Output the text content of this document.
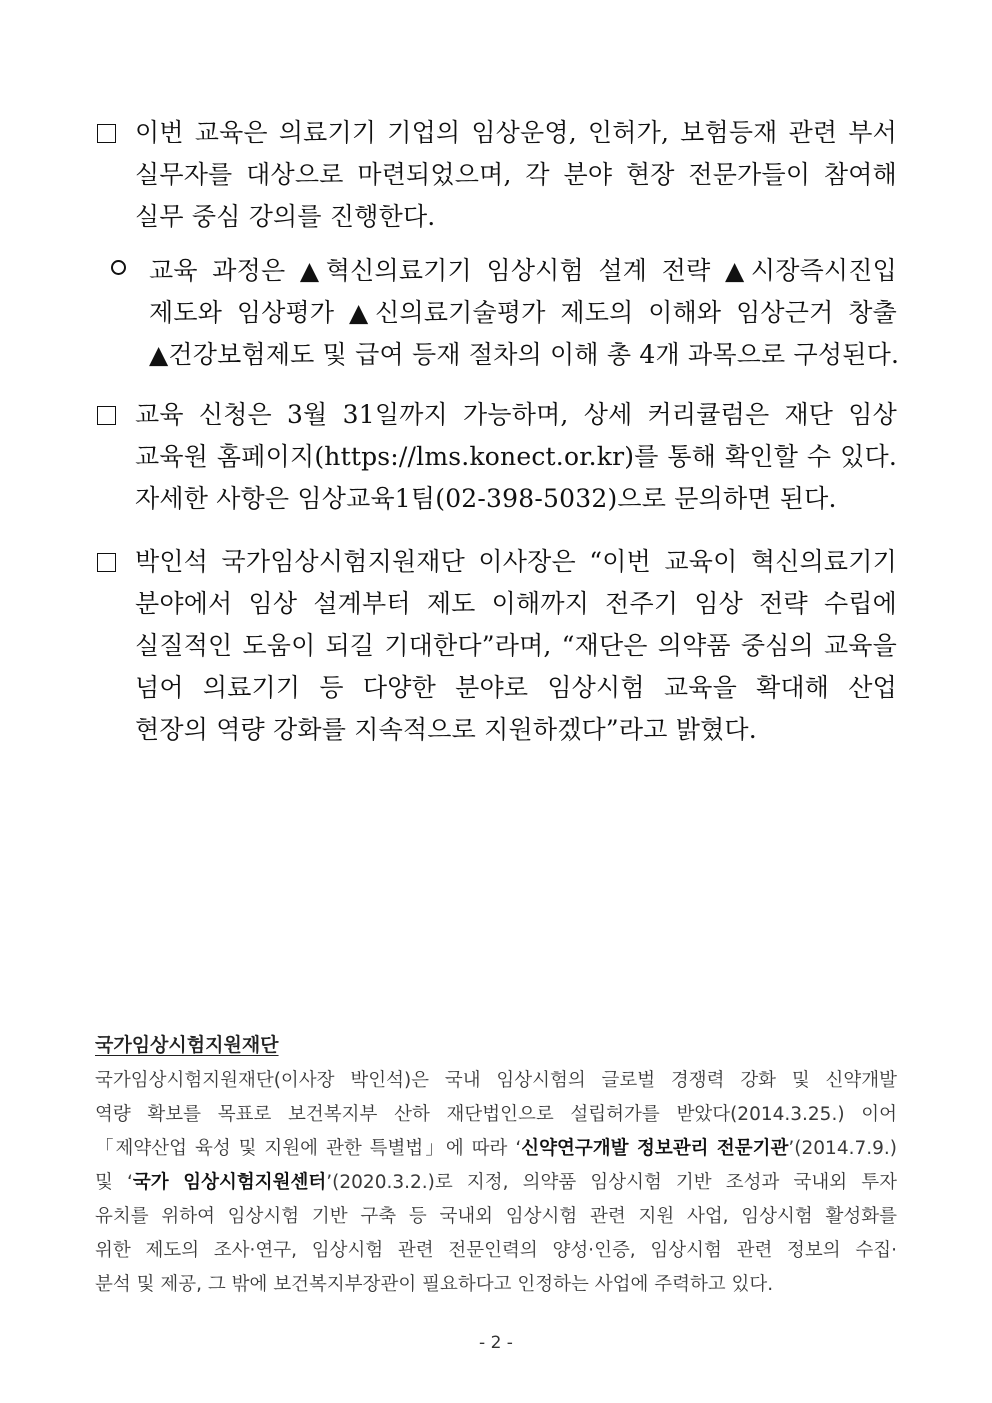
이번 교육은 의료기기 기업의 임상운영, 인허가, 보험등재 관련 부서
실무자를 대상으로 마련되었으며, 각 분야 현장 전문가들이 참여해
실무 중심 강의를 진행한다.
교육 과정은 ▲혁신의료기기 임상시험 설계 전략 ▲시장즉시진입
제도와 임상평가 ▲신의료기술평가 제도의 이해와 임상근거 창출
▲건강보험제도 및 급여 등재 절차의 이해 총 4개 과목으로 구성된다.
교육 신청은 3월 31일까지 가능하며, 상세 커리큘럼은 재단 임상
교육원 홈페이지(https://lms.konect.or.kr)를 통해 확인할 수 있다.
자세한 사항은 임상교육1팀(02-398-5032)으로 문의하면 된다.
박인석 국가임상시험지원재단 이사장은 “이번 교육이 혁신의료기기
분야에서 임상 설계부터 제도 이해까지 전주기 임상 전략 수립에
실질적인 도움이 되길 기대한다”라며, “재단은 의약품 중심의 교육을
넘어 의료기기 등 다양한 분야로 임상시험 교육을 확대해 산업
현장의 역량 강화를 지속적으로 지원하겠다”라고 밝혔다.
국가임상시험지원재단
국가임상시험지원재단(이사장 박인석)은 국내 임상시험의 글로벌 경쟁력 강화 및 신약개발
역량 확보를 목표로 보건복지부 산하 재단법인으로 설립허가를 받았다(2014.3.25.) 이어
「제약산업 육성 및 지원에 관한 특별법」에 따라 ‘신약연구개발 정보관리 전문기관’(2014.7.9.)
및 ‘국가 임상시험지원센터’(2020.3.2.)로 지정, 의약품 임상시험 기반 조성과 국내외 투자
유치를 위하여 임상시험 기반 구축 등 국내외 임상시험 관련 지원 사업, 임상시험 활성화를
위한 제도의 조사·연구, 임상시험 관련 전문인력의 양성·인증, 임상시험 관련 정보의 수집·
분석 및 제공, 그 밖에 보건복지부장관이 필요하다고 인정하는 사업에 주력하고 있다.
- 2 -
